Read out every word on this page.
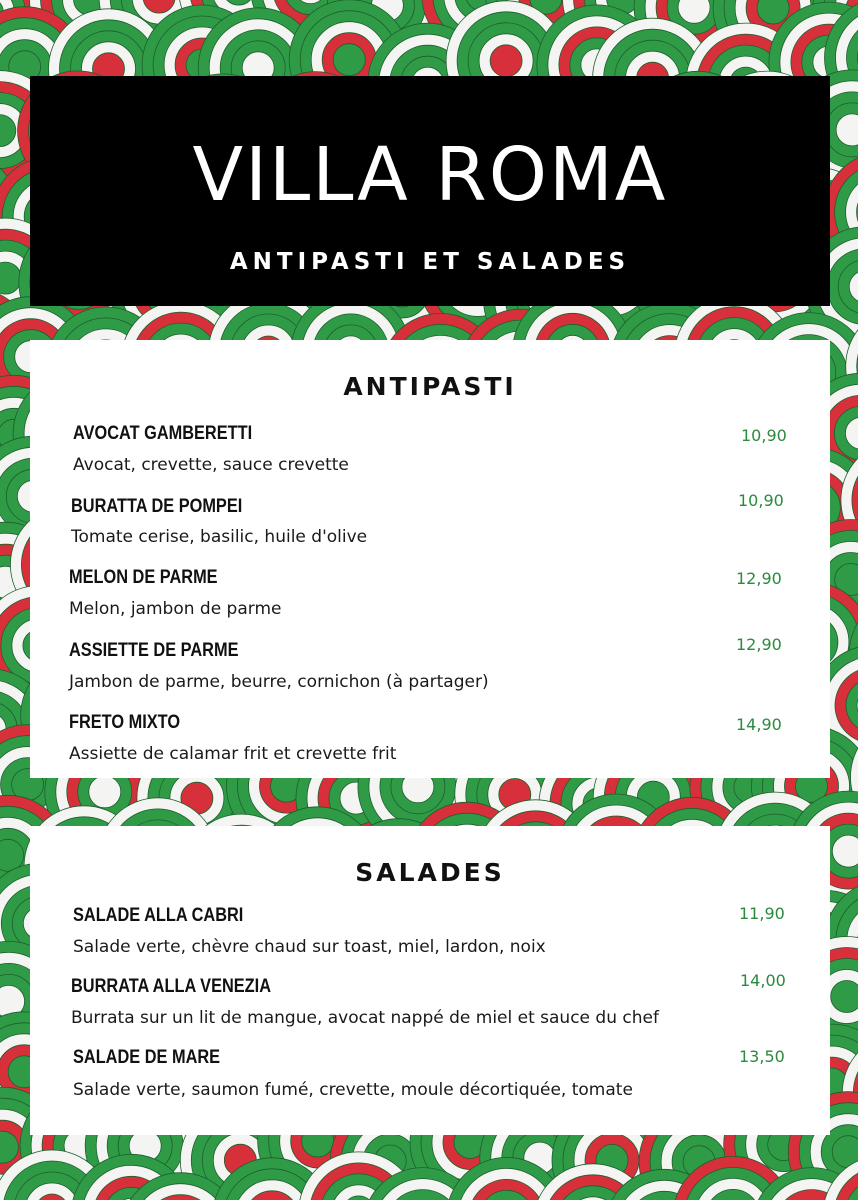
VILLA ROMA
ANTIPASTI ET SALADES
ANTIPASTI
AVOCAT GAMBERETTI	10,90
Avocat, crevette, sauce crevette
BURATTA DE POMPEI	10,90
Tomate cerise, basilic, huile d'olive
MELON DE PARME	12,90
Melon, jambon de parme
ASSIETTE DE PARME	12,90
Jambon de parme, beurre, cornichon (à partager)
FRETO MIXTO	14,90
Assiette de calamar frit et crevette frit
SALADES
SALADE ALLA CABRI	11,90
Salade verte, chèvre chaud sur toast, miel, lardon, noix
BURRATA ALLA VENEZIA	14,00
Burrata sur un lit de mangue, avocat nappé de miel et sauce du chef
SALADE DE MARE	13,50
Salade verte, saumon fumé, crevette, moule décortiquée, tomate
